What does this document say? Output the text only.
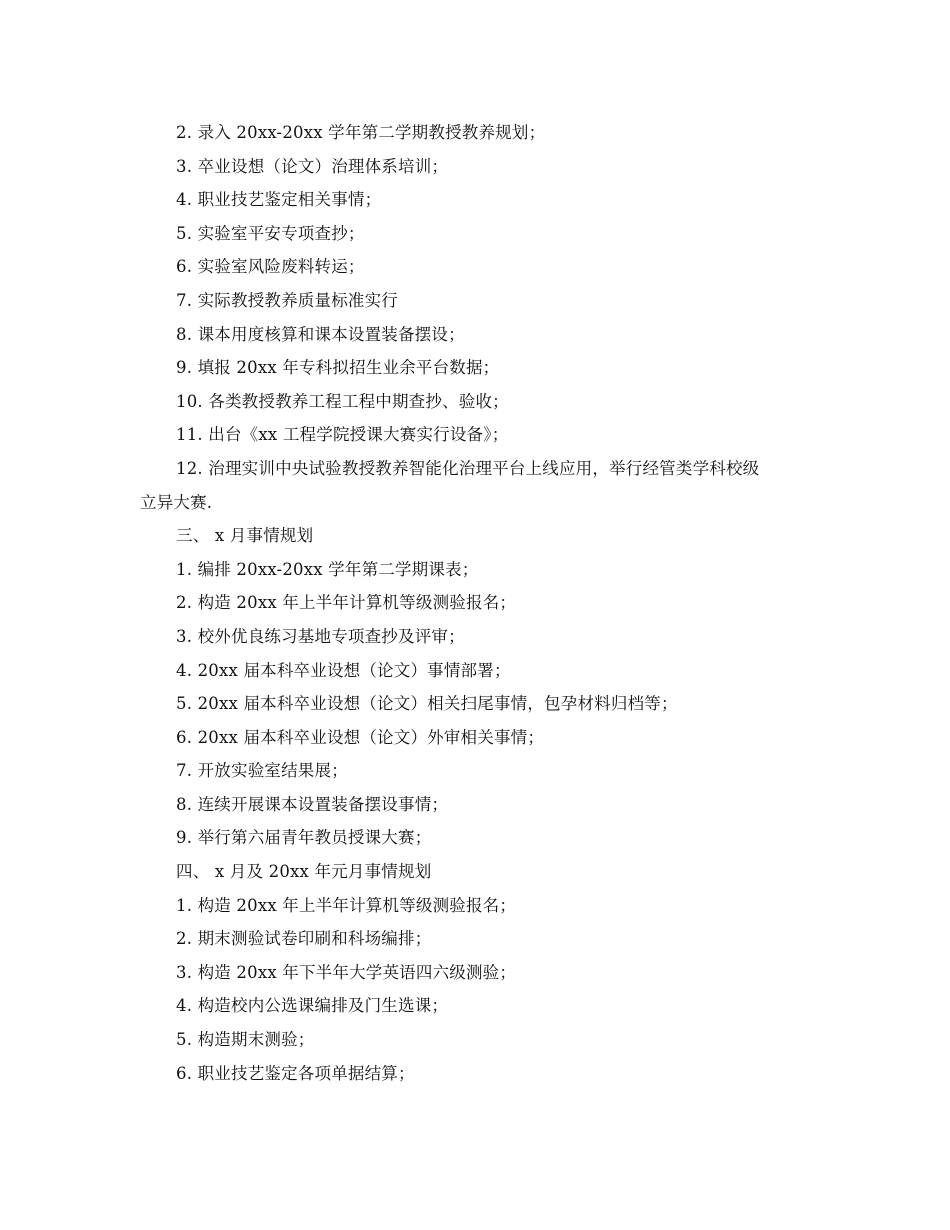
2. 录入 20xx-20xx 学年第二学期教授教养规划；
3. 卒业设想（论文）治理体系培训；
4. 职业技艺鉴定相关事情；
5. 实验室平安专项查抄；
6. 实验室风险废料转运；
7. 实际教授教养质量标准实行
8. 课本用度核算和课本设置装备摆设；
9. 填报 20xx 年专科拟招生业余平台数据；
10. 各类教授教养工程工程中期查抄、验收；
11. 出台《xx 工程学院授课大赛实行设备》；
12. 治理实训中央试验教授教养智能化治理平台上线应用，举行经管类学科校级
立异大赛.
三、 x 月事情规划
1. 编排 20xx-20xx 学年第二学期课表；
2. 构造 20xx 年上半年计算机等级测验报名；
3. 校外优良练习基地专项查抄及评审；
4. 20xx 届本科卒业设想（论文）事情部署；
5. 20xx 届本科卒业设想（论文）相关扫尾事情，包孕材料归档等；
6. 20xx 届本科卒业设想（论文）外审相关事情；
7. 开放实验室结果展；
8. 连续开展课本设置装备摆设事情；
9. 举行第六届青年教员授课大赛；
四、 x 月及 20xx 年元月事情规划
1. 构造 20xx 年上半年计算机等级测验报名；
2. 期末测验试卷印刷和科场编排；
3. 构造 20xx 年下半年大学英语四六级测验；
4. 构造校内公选课编排及门生选课；
5. 构造期末测验；
6. 职业技艺鉴定各项单据结算；
